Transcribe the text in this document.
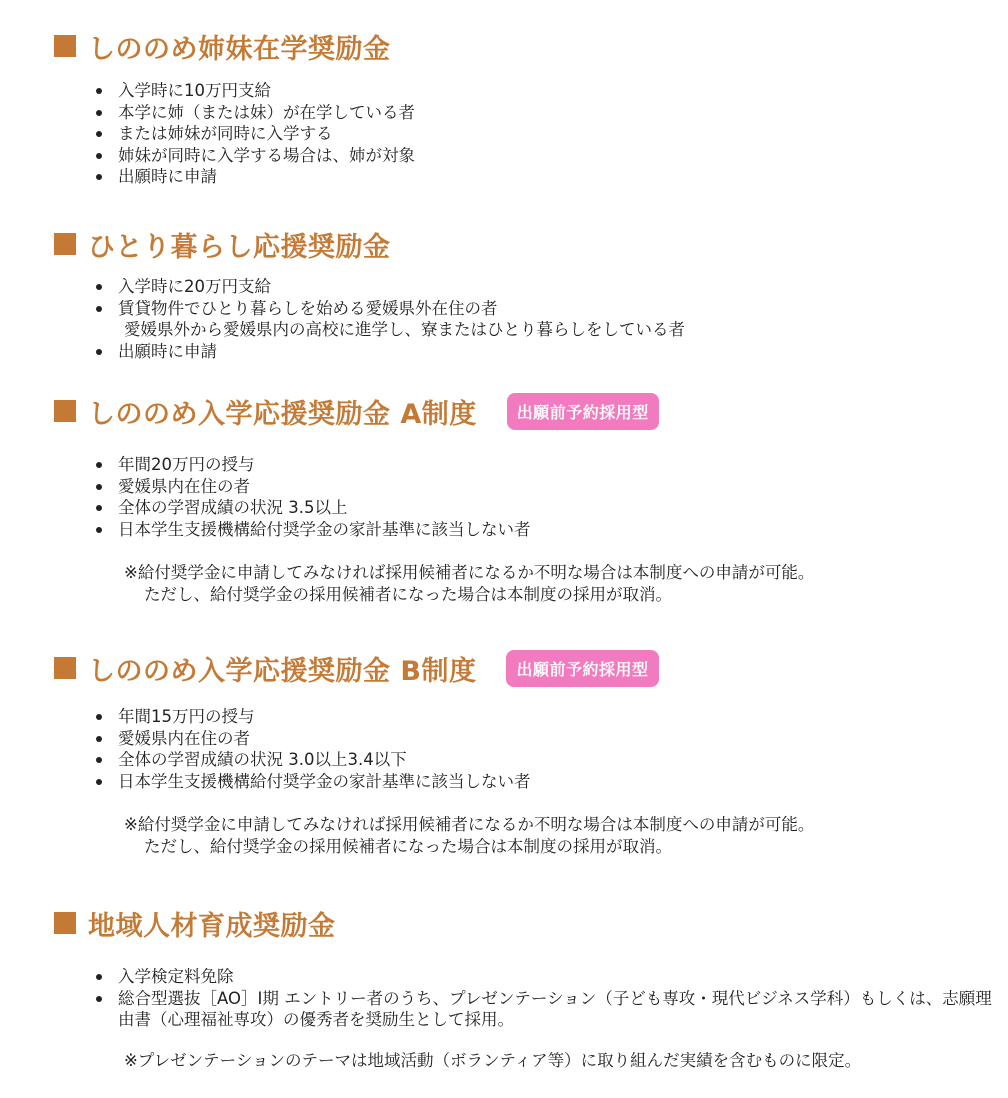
しののめ姉妹在学奨励金
入学時に10万円支給
本学に姉（または妹）が在学している者
または姉妹が同時に入学する
姉妹が同時に入学する場合は、姉が対象
出願時に申請
ひとり暮らし応援奨励金
入学時に20万円支給
賃貸物件でひとり暮らしを始める愛媛県外在住の者
愛媛県外から愛媛県内の高校に進学し、寮またはひとり暮らしをしている者
出願時に申請
しののめ入学応援奨励金 A制度	出願前予約採用型
年間20万円の授与
愛媛県内在住の者
全体の学習成績の状況 3.5以上
日本学生支援機構給付奨学金の家計基準に該当しない者
※給付奨学金に申請してみなければ採用候補者になるか不明な場合は本制度への申請が可能。
ただし、給付奨学金の採用候補者になった場合は本制度の採用が取消。
しののめ入学応援奨励金 B制度	出願前予約採用型
年間15万円の授与
愛媛県内在住の者
全体の学習成績の状況 3.0以上3.4以下
日本学生支援機構給付奨学金の家計基準に該当しない者
※給付奨学金に申請してみなければ採用候補者になるか不明な場合は本制度への申請が可能。
ただし、給付奨学金の採用候補者になった場合は本制度の採用が取消。
地域人材育成奨励金
入学検定料免除
総合型選抜［AO］Ⅰ期 エントリー者のうち、プレゼンテーション（子ども専攻・現代ビジネス学科）もしくは、志願理由書（心理福祉専攻）の優秀者を奨励生として採用。
※プレゼンテーションのテーマは地域活動（ボランティア等）に取り組んだ実績を含むものに限定。
